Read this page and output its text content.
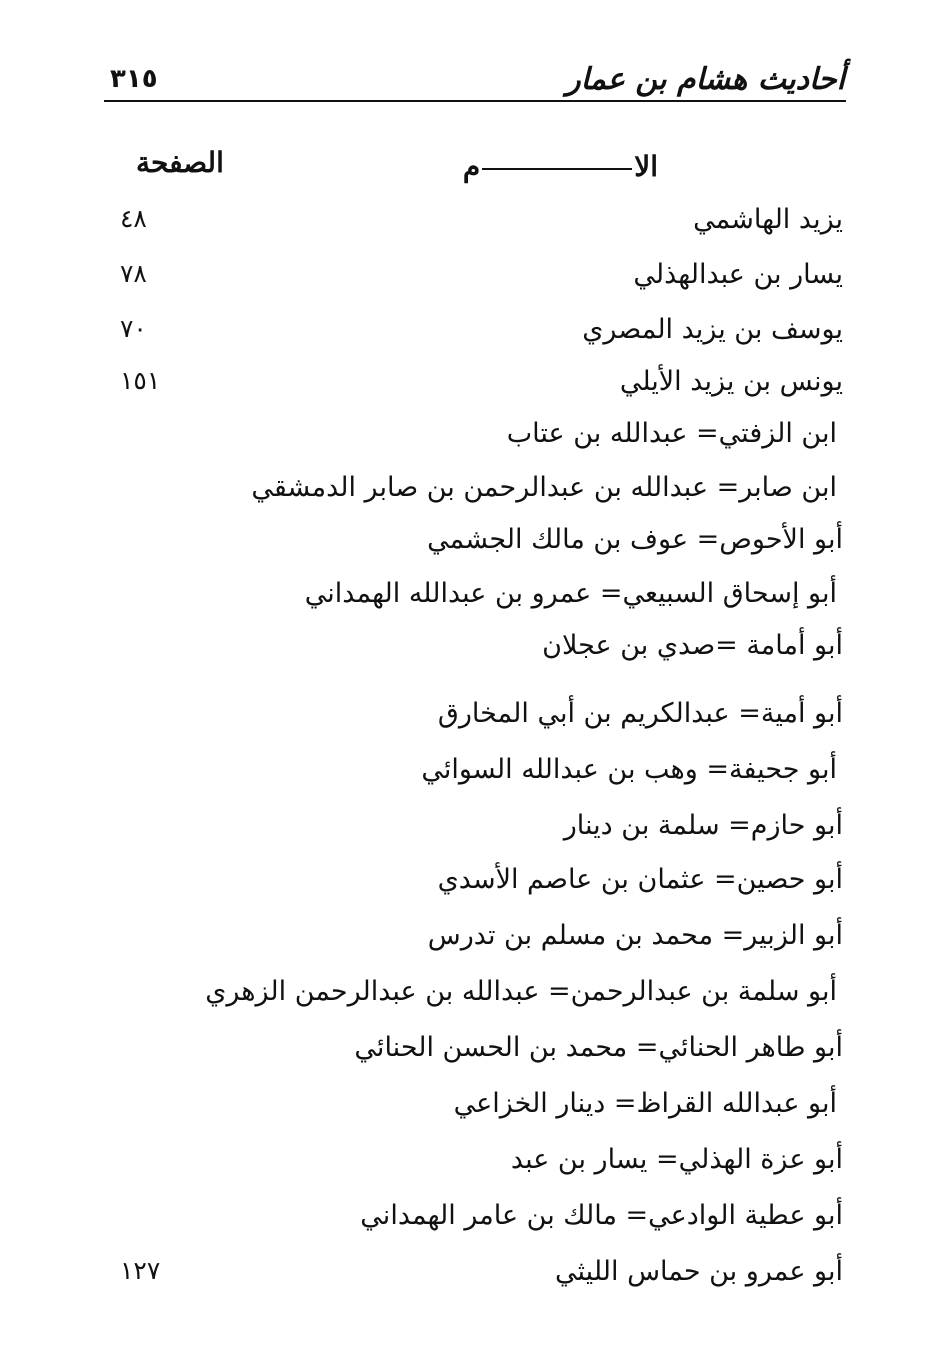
أحاديث هشام بن عمار
٣١٥
الام
الصفحة
يزيد الهاشمي
٤٨
يسار بن عبدالهذلي
٧٨
يوسف بن يزيد المصري
٧٠
يونس بن يزيد الأيلي
١٥١
ابن الزفتي= عبدالله بن عتاب
ابن صابر= عبدالله بن عبدالرحمن بن صابر الدمشقي
أبو الأحوص= عوف بن مالك الجشمي
أبو إسحاق السبيعي= عمرو بن عبدالله الهمداني
أبو أمامة =صدي بن عجلان
أبو أمية= عبدالكريم بن أبي المخارق
أبو جحيفة= وهب بن عبدالله السوائي
أبو حازم= سلمة بن دينار
أبو حصين= عثمان بن عاصم الأسدي
أبو الزبير= محمد بن مسلم بن تدرس
أبو سلمة بن عبدالرحمن= عبدالله بن عبدالرحمن الزهري
أبو طاهر الحنائي= محمد بن الحسن الحنائي
أبو عبدالله القراظ= دينار الخزاعي
أبو عزة الهذلي= يسار بن عبد
أبو عطية الوادعي= مالك بن عامر الهمداني
أبو عمرو بن حماس الليثي
١٢٧
